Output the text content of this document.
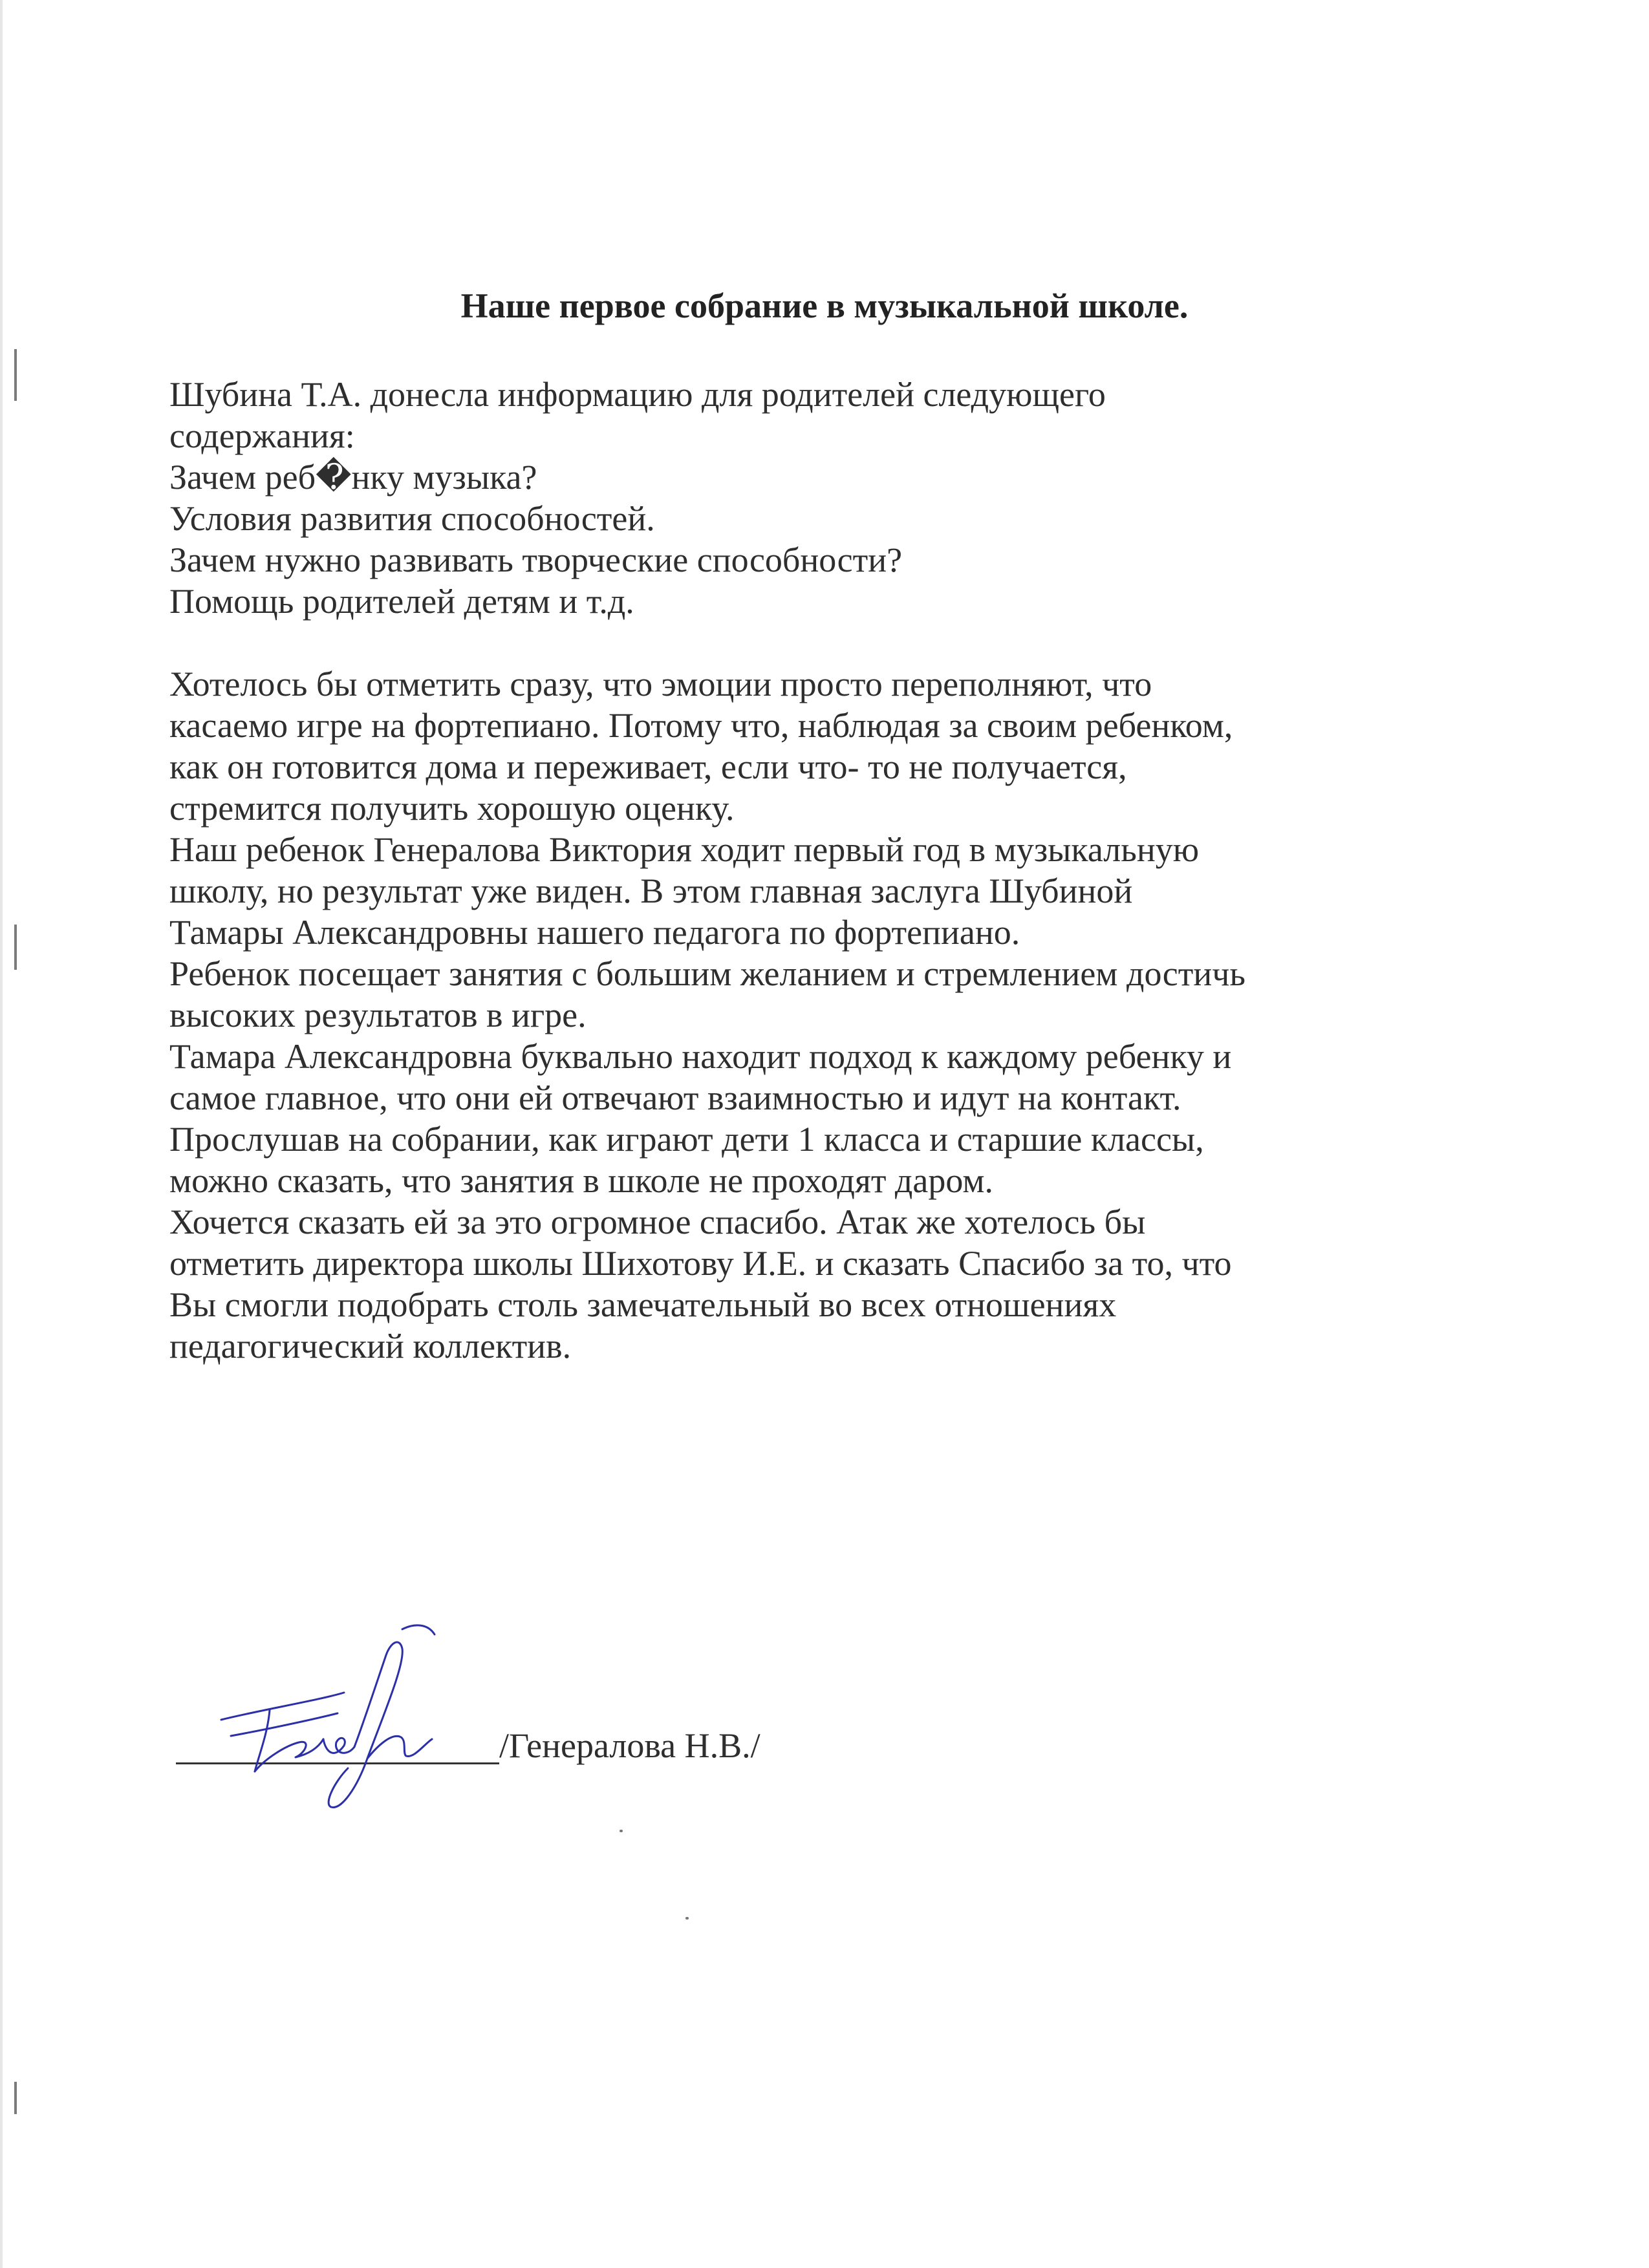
Наше первое собрание в музыкальной школе.
Шубина Т.А. донесла информацию для родителей следующего
содержания:
Зачем реб�нку музыка?
Условия развития способностей.
Зачем нужно развивать творческие способности?
Помощь родителей детям и т.д.
Хотелось бы отметить сразу, что эмоции просто переполняют, что
касаемо игре на фортепиано. Потому что, наблюдая за своим ребенком,
как он готовится дома и переживает, если что- то не получается,
стремится получить хорошую оценку.
Наш ребенок Генералова Виктория ходит первый год в музыкальную
школу, но результат уже виден. В этом главная заслуга Шубиной
Тамары Александровны нашего педагога по фортепиано.
Ребенок посещает занятия с большим желанием и стремлением достичь
высоких результатов в игре.
Тамара Александровна буквально находит подход к каждому ребенку и
самое главное, что они ей отвечают взаимностью и идут на контакт.
Прослушав на собрании, как играют дети 1 класса и старшие классы,
можно сказать, что занятия в школе не проходят даром.
Хочется сказать ей за это огромное спасибо. Атак же хотелось бы
отметить директора школы Шихотову И.Е. и сказать Спасибо за то, что
Вы смогли подобрать столь замечательный во всех отношениях
педагогический коллектив.
/Генералова Н.В./
